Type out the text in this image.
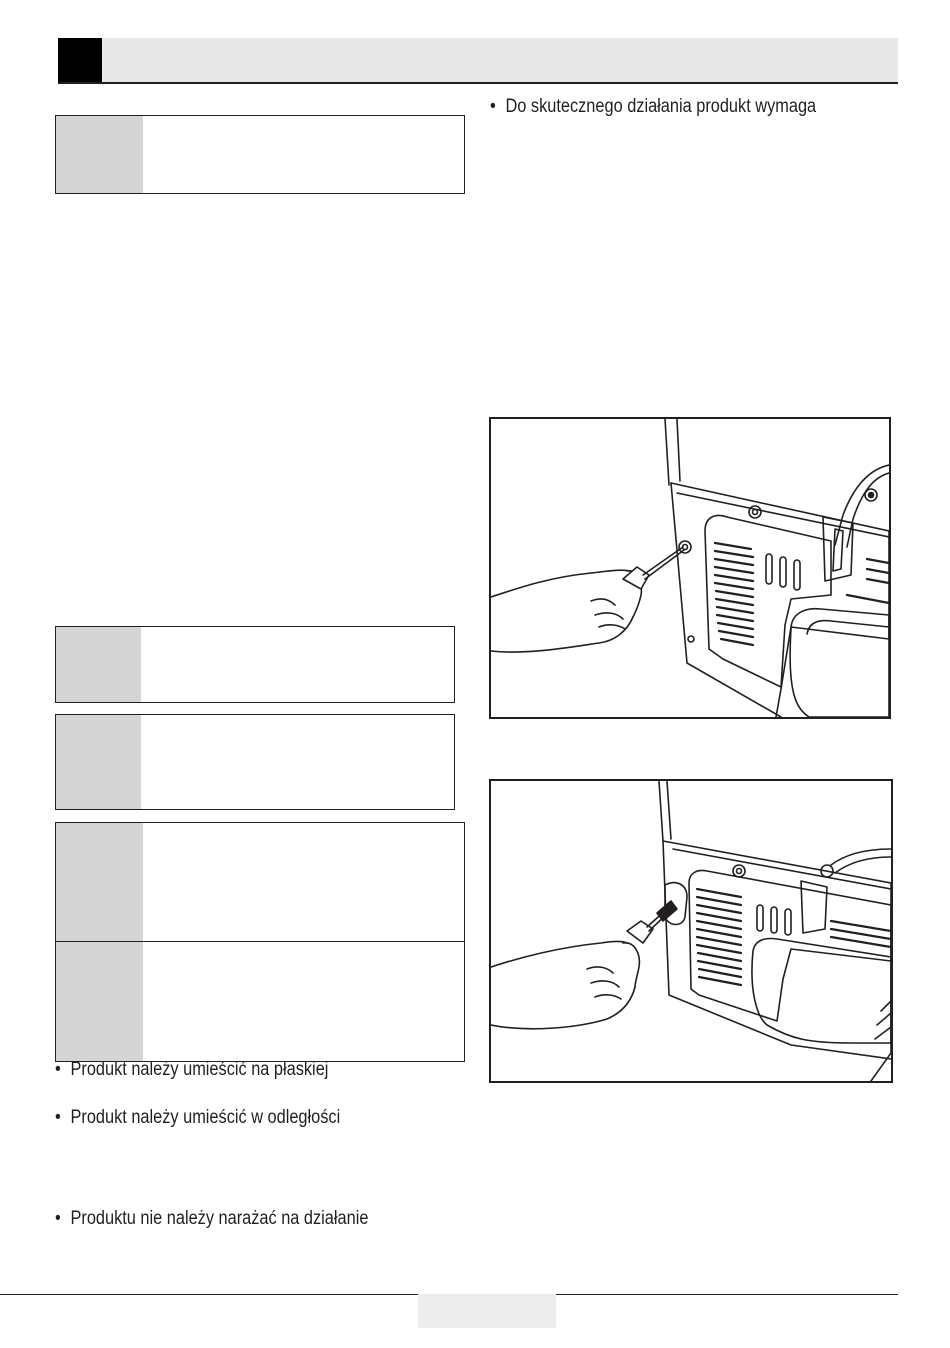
• Do skutecznego działania produkt wymaga
• Produkt należy umieścić na płaskiej
• Produkt należy umieścić w odległości
• Produktu nie należy narażać na działanie
